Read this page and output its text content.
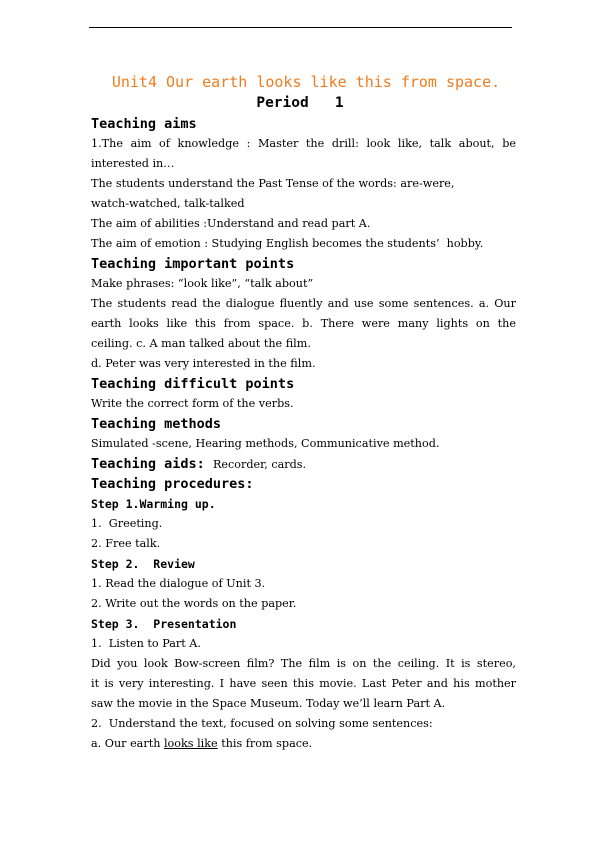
Unit4 Our earth looks like this from space.
Period   1
Teaching aims
1.The aim of knowledge : Master the drill: look like, talk about, be
interested in…
The students understand the Past Tense of the words: are-were,
watch-watched, talk-talked
The aim of abilities :Understand and read part A.
The aim of emotion : Studying English becomes the students’  hobby.
Teaching important points
Make phrases: “look like”, “talk about”
The students read the dialogue fluently and use some sentences. a. Our
earth looks like this from space. b. There were many lights on the
ceiling. c. A man talked about the film.
d. Peter was very interested in the film.
Teaching difficult points
Write the correct form of the verbs.
Teaching methods
Simulated -scene, Hearing methods, Communicative method.
Teaching aids: Recorder, cards.
Teaching procedures:
Step 1.Warming up.
1.  Greeting.
2. Free talk.
Step 2.  Review
1. Read the dialogue of Unit 3.
2. Write out the words on the paper.
Step 3.  Presentation
1.  Listen to Part A.
Did you look Bow-screen film? The film is on the ceiling. It is stereo,
it is very interesting. I have seen this movie. Last Peter and his mother
saw the movie in the Space Museum. Today we’ll learn Part A.
2.  Understand the text, focused on solving some sentences:
a. Our earth looks like this from space.
